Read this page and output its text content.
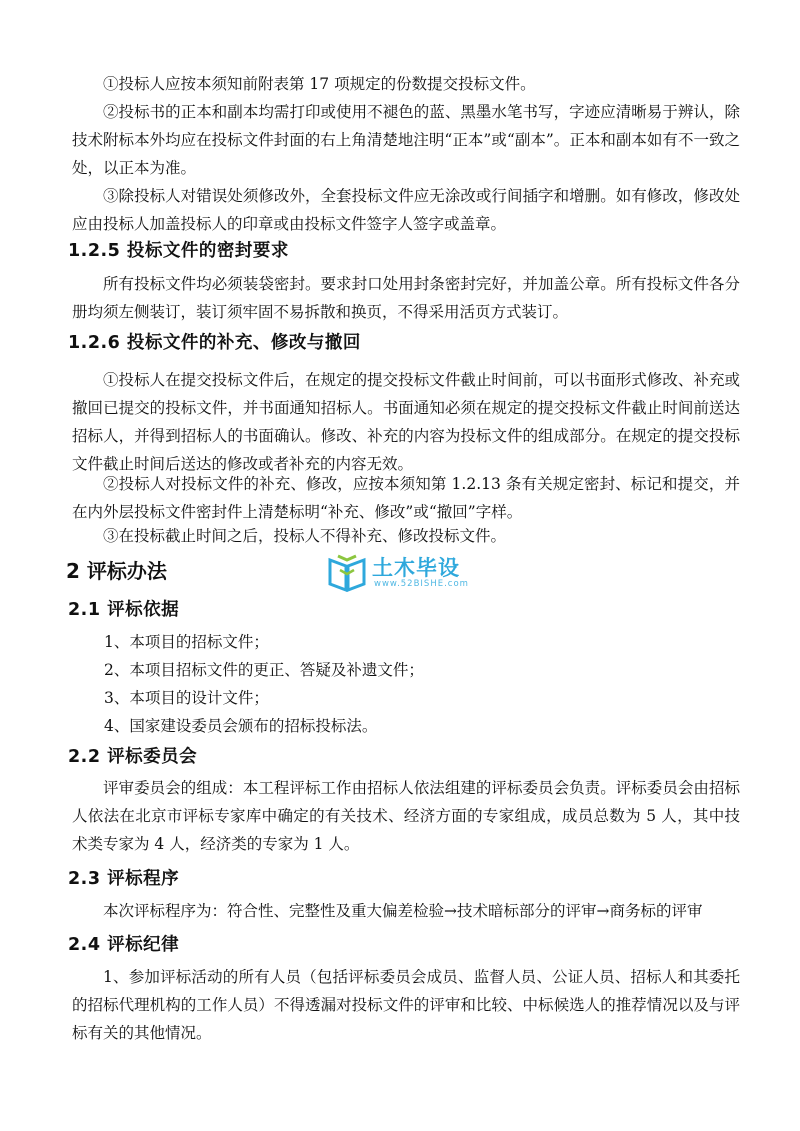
①投标人应按本须知前附表第 17 项规定的份数提交投标文件。

②投标书的正本和副本均需打印或使用不褪色的蓝、黑墨水笔书写，字迹应清晰易于辨认，除技术附标本外均应在投标文件封面的右上角清楚地注明“正本”或“副本”。正本和副本如有不一致之处，以正本为准。

③除投标人对错误处须修改外，全套投标文件应无涂改或行间插字和增删。如有修改，修改处应由投标人加盖投标人的印章或由投标文件签字人签字或盖章。

1.2.5 投标文件的密封要求

所有投标文件均必须装袋密封。要求封口处用封条密封完好，并加盖公章。所有投标文件各分册均须左侧装订，装订须牢固不易拆散和换页，不得采用活页方式装订。

1.2.6 投标文件的补充、修改与撤回

①投标人在提交投标文件后，在规定的提交投标文件截止时间前，可以书面形式修改、补充或撤回已提交的投标文件，并书面通知招标人。书面通知必须在规定的提交投标文件截止时间前送达招标人，并得到招标人的书面确认。修改、补充的内容为投标文件的组成部分。在规定的提交投标文件截止时间后送达的修改或者补充的内容无效。

②投标人对投标文件的补充、修改，应按本须知第 1.2.13 条有关规定密封、标记和提交，并在内外层投标文件密封件上清楚标明“补充、修改”或“撤回”字样。

③在投标截止时间之后，投标人不得补充、修改投标文件。

2 评标办法	土木毕设
www.52BISHE.com
2.1 评标依据

1、本项目的招标文件；

2、本项目招标文件的更正、答疑及补遗文件；

3、本项目的设计文件；

4、国家建设委员会颁布的招标投标法。

2.2 评标委员会

评审委员会的组成：本工程评标工作由招标人依法组建的评标委员会负责。评标委员会由招标人依法在北京市评标专家库中确定的有关技术、经济方面的专家组成，成员总数为 5 人，其中技术类专家为 4 人，经济类的专家为 1 人。

2.3 评标程序

本次评标程序为：符合性、完整性及重大偏差检验→技术暗标部分的评审→商务标的评审

2.4 评标纪律

1、参加评标活动的所有人员（包括评标委员会成员、监督人员、公证人员、招标人和其委托的招标代理机构的工作人员）不得透漏对投标文件的评审和比较、中标候选人的推荐情况以及与评标有关的其他情况。
